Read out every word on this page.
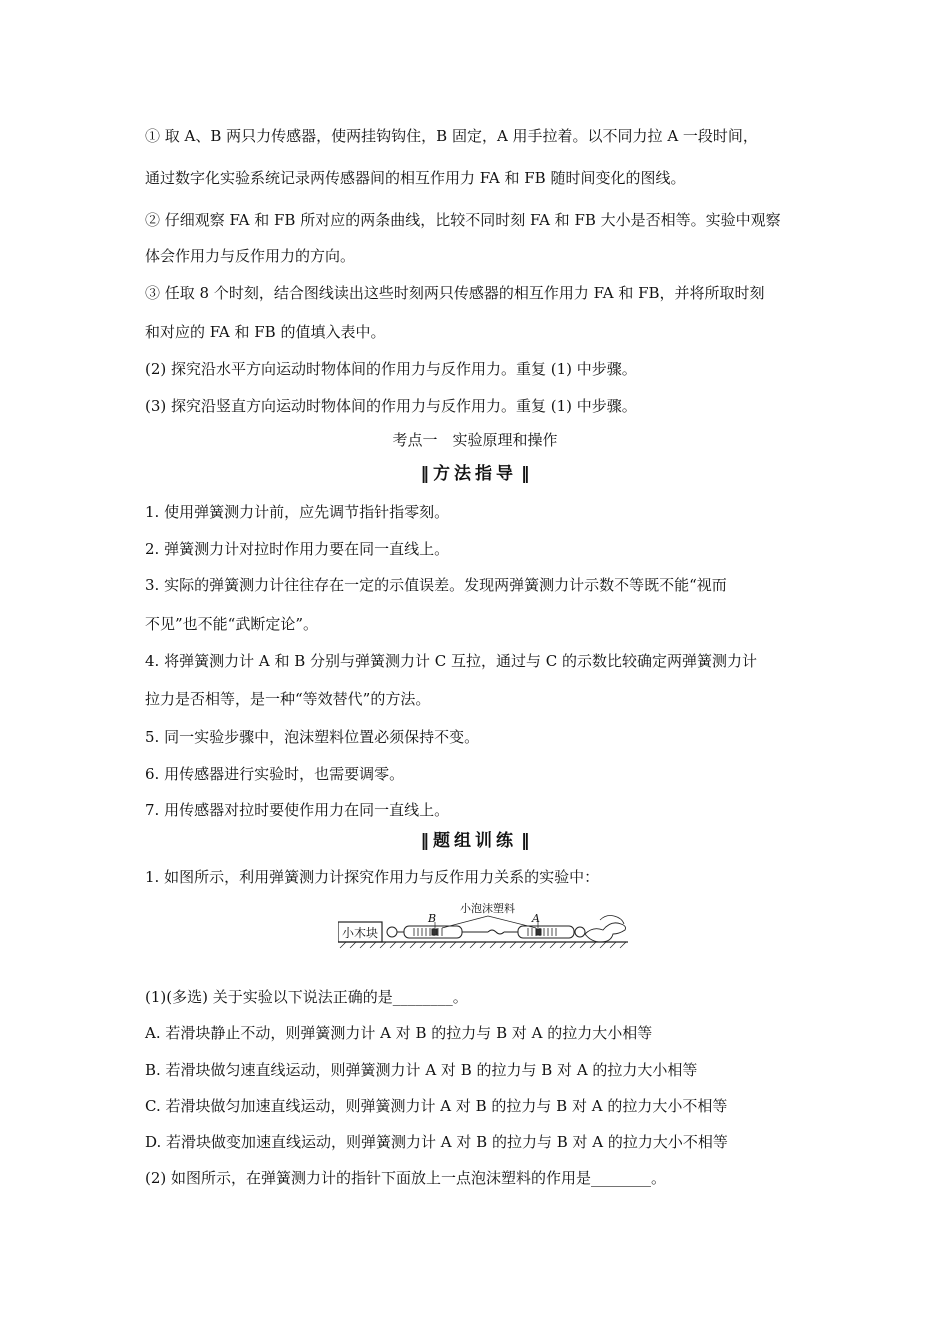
① 取 A、B 两只力传感器，使两挂钩钩住，B 固定，A 用手拉着。以不同力拉 A 一段时间，
通过数字化实验系统记录两传感器间的相互作用力 FA 和 FB 随时间变化的图线。
② 仔细观察 FA 和 FB 所对应的两条曲线，比较不同时刻 FA 和 FB 大小是否相等。实验中观察
体会作用力与反作用力的方向。
③ 任取 8 个时刻，结合图线读出这些时刻两只传感器的相互作用力 FA 和 FB，并将所取时刻
和对应的 FA 和 FB 的值填入表中。
(2) 探究沿水平方向运动时物体间的作用力与反作用力。重复 (1) 中步骤。
(3) 探究沿竖直方向运动时物体间的作用力与反作用力。重复 (1) 中步骤。
考点一　实验原理和操作
‖ 方法指导 ‖
1. 使用弹簧测力计前，应先调节指针指零刻。
2. 弹簧测力计对拉时作用力要在同一直线上。
3. 实际的弹簧测力计往往存在一定的示值误差。发现两弹簧测力计示数不等既不能“视而
不见”也不能“武断定论”。
4. 将弹簧测力计 A 和 B 分别与弹簧测力计 C 互拉，通过与 C 的示数比较确定两弹簧测力计
拉力是否相等，是一种“等效替代”的方法。
5. 同一实验步骤中，泡沫塑料位置必须保持不变。
6. 用传感器进行实验时，也需要调零。
7. 用传感器对拉时要使作用力在同一直线上。
‖ 题组训练 ‖
1. 如图所示，利用弹簧测力计探究作用力与反作用力关系的实验中：
小木块
小泡沫塑料
B	A
(1)(多选) 关于实验以下说法正确的是________。
A. 若滑块静止不动，则弹簧测力计 A 对 B 的拉力与 B 对 A 的拉力大小相等
B. 若滑块做匀速直线运动，则弹簧测力计 A 对 B 的拉力与 B 对 A 的拉力大小相等
C. 若滑块做匀加速直线运动，则弹簧测力计 A 对 B 的拉力与 B 对 A 的拉力大小不相等
D. 若滑块做变加速直线运动，则弹簧测力计 A 对 B 的拉力与 B 对 A 的拉力大小不相等
(2) 如图所示，在弹簧测力计的指针下面放上一点泡沫塑料的作用是________。
